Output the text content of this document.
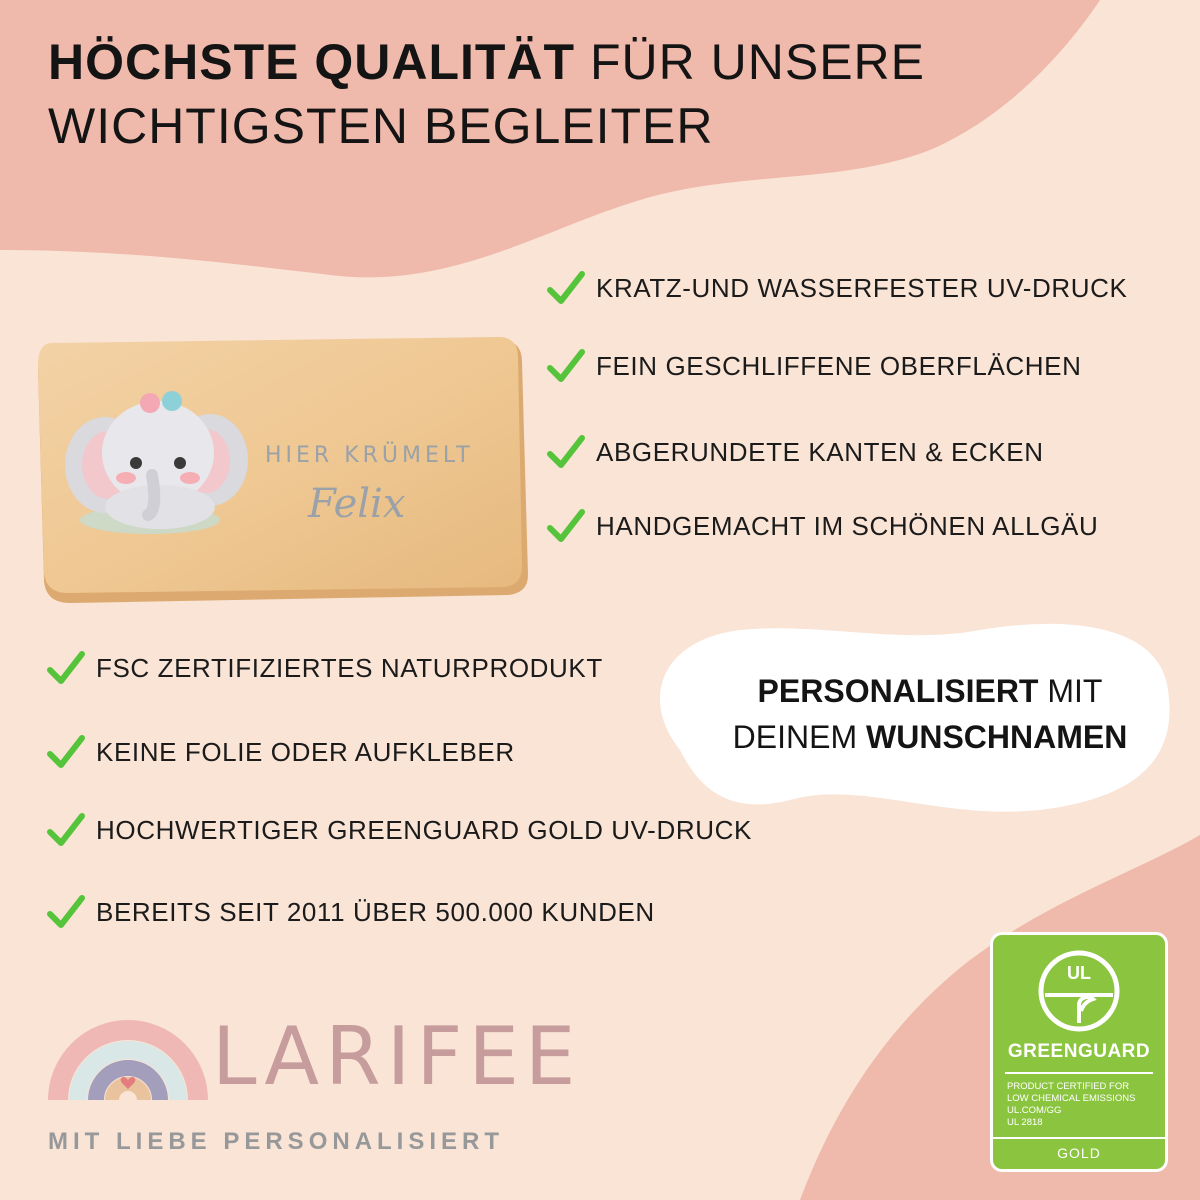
HÖCHSTE QUALITÄT FÜR UNSERE
WICHTIGSTEN BEGLEITER
HIER KRÜMELT
Felix
KRATZ-UND WASSERFESTER UV-DRUCK
FEIN GESCHLIFFENE OBERFLÄCHEN
ABGERUNDETE KANTEN & ECKEN
HANDGEMACHT IM SCHÖNEN ALLGÄU
FSC ZERTIFIZIERTES NATURPRODUKT
KEINE FOLIE ODER AUFKLEBER
HOCHWERTIGER GREENGUARD GOLD UV-DRUCK
BEREITS SEIT 2011 ÜBER 500.000 KUNDEN
PERSONALISIERT MIT
DEINEM WUNSCHNAMEN
LARIFEE
MIT LIEBE PERSONALISIERT
UL
GREENGUARD
PRODUCT CERTIFIED FOR
LOW CHEMICAL EMISSIONS
UL.COM/GG
UL 2818
GOLD
